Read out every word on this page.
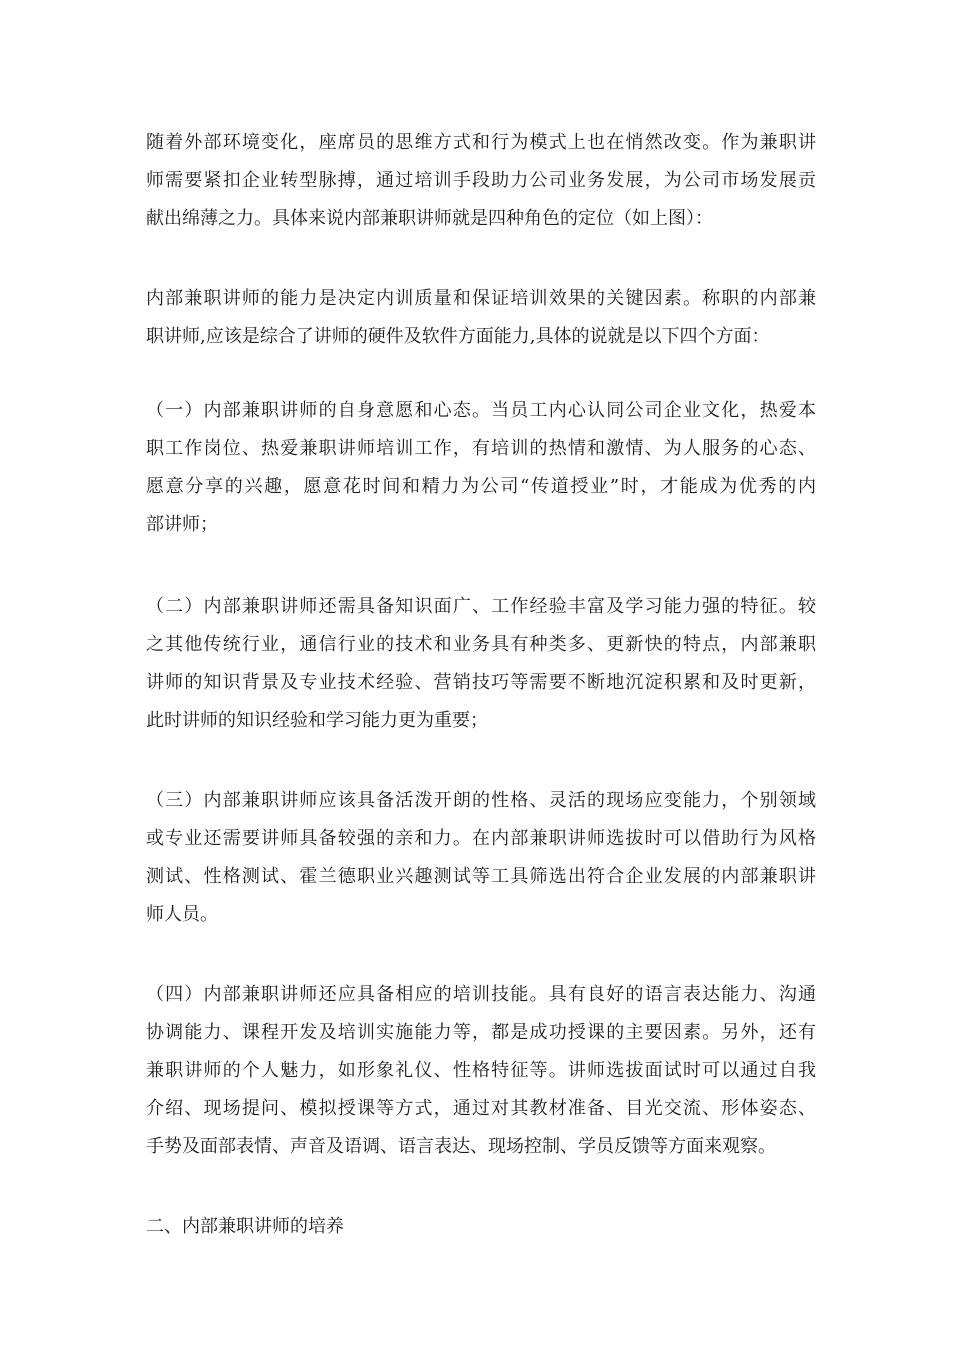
随着外部环境变化，座席员的思维方式和行为模式上也在悄然改变。作为兼职讲
师需要紧扣企业转型脉搏，通过培训手段助力公司业务发展，为公司市场发展贡
献出绵薄之力。具体来说内部兼职讲师就是四种角色的定位（如上图）：

内部兼职讲师的能力是决定内训质量和保证培训效果的关键因素。称职的内部兼
职讲师,应该是综合了讲师的硬件及软件方面能力,具体的说就是以下四个方面：

（一）内部兼职讲师的自身意愿和心态。当员工内心认同公司企业文化，热爱本
职工作岗位、热爱兼职讲师培训工作，有培训的热情和激情、为人服务的心态、
愿意分享的兴趣，愿意花时间和精力为公司“传道授业”时，才能成为优秀的内
部讲师；

（二）内部兼职讲师还需具备知识面广、工作经验丰富及学习能力强的特征。较
之其他传统行业，通信行业的技术和业务具有种类多、更新快的特点，内部兼职
讲师的知识背景及专业技术经验、营销技巧等需要不断地沉淀积累和及时更新，
此时讲师的知识经验和学习能力更为重要；

（三）内部兼职讲师应该具备活泼开朗的性格、灵活的现场应变能力，个别领域
或专业还需要讲师具备较强的亲和力。在内部兼职讲师选拔时可以借助行为风格
测试、性格测试、霍兰德职业兴趣测试等工具筛选出符合企业发展的内部兼职讲
师人员。

（四）内部兼职讲师还应具备相应的培训技能。具有良好的语言表达能力、沟通
协调能力、课程开发及培训实施能力等，都是成功授课的主要因素。另外，还有
兼职讲师的个人魅力，如形象礼仪、性格特征等。讲师选拔面试时可以通过自我
介绍、现场提问、模拟授课等方式，通过对其教材准备、目光交流、形体姿态、
手势及面部表情、声音及语调、语言表达、现场控制、学员反馈等方面来观察。

二、内部兼职讲师的培养
